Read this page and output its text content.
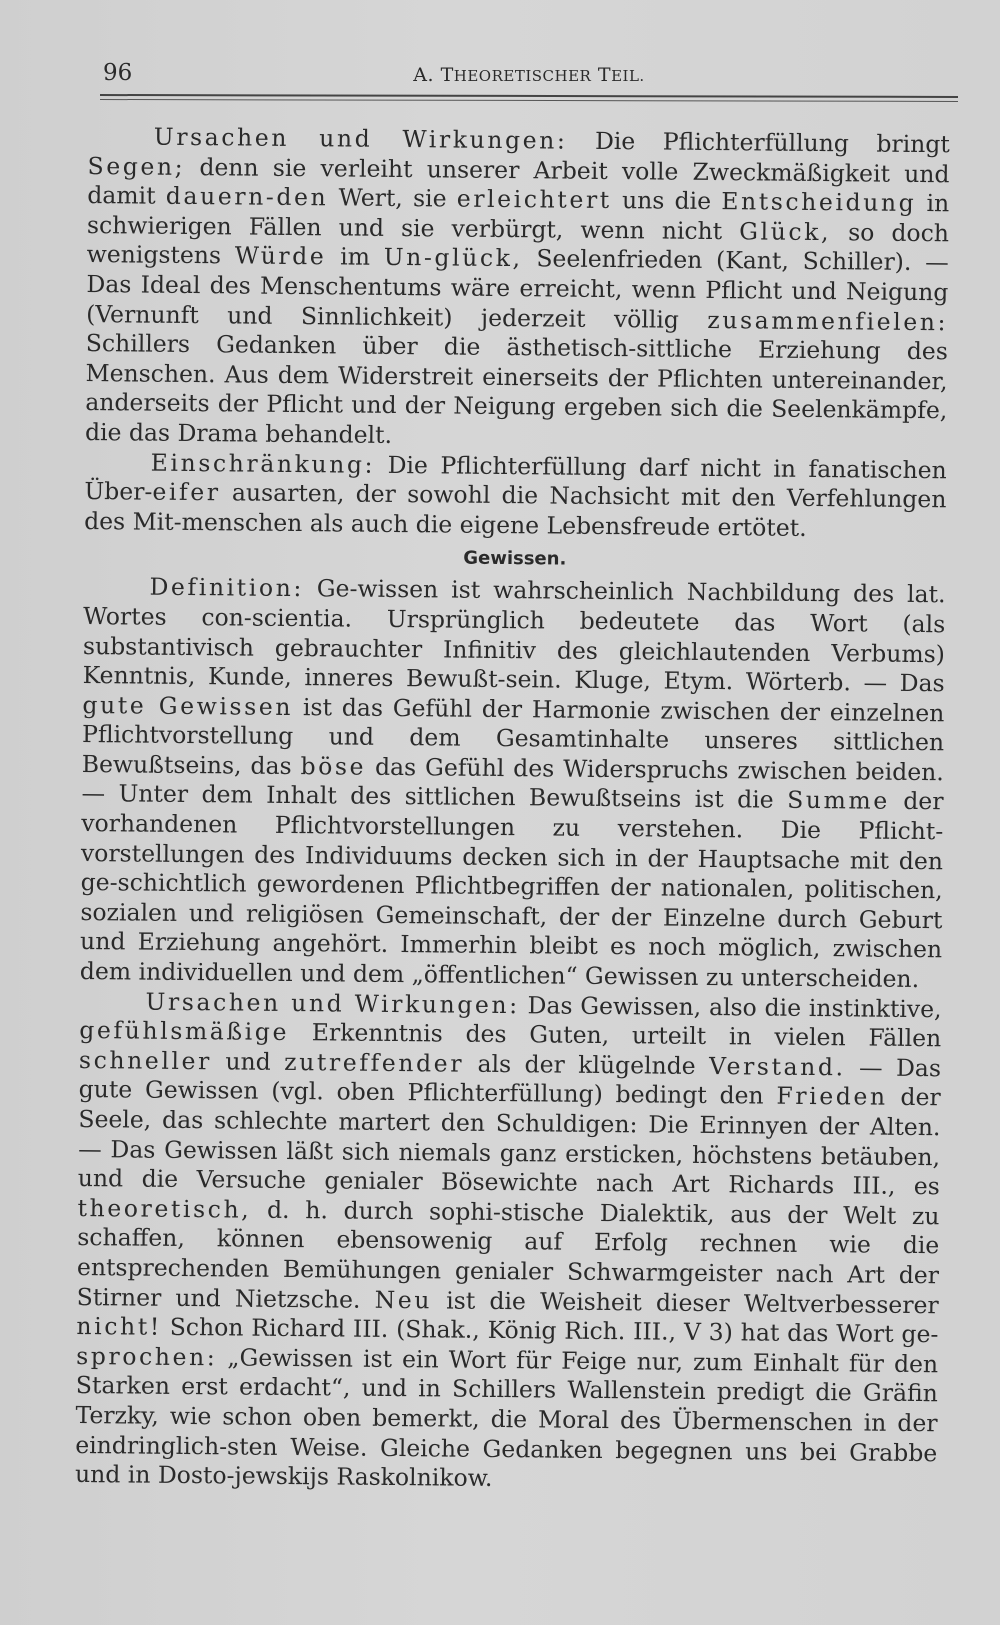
96	A. THEORETISCHER TEIL.

Ursachen und Wirkungen: Die Pflichterfüllung bringt Segen; denn sie verleiht unserer Arbeit volle Zweckmäßigkeit und damit dauern-den Wert, sie erleichtert uns die Entscheidung in schwierigen Fällen und sie verbürgt, wenn nicht Glück, so doch wenigstens Würde im Un-glück, Seelenfrieden (Kant, Schiller). — Das Ideal des Menschentums wäre erreicht, wenn Pflicht und Neigung (Vernunft und Sinnlichkeit) jederzeit völlig zusammenfielen: Schillers Gedanken über die ästhetisch-sittliche Erziehung des Menschen. Aus dem Widerstreit einerseits der Pflichten untereinander, anderseits der Pflicht und der Neigung ergeben sich die Seelenkämpfe, die das Drama behandelt.

Einschränkung: Die Pflichterfüllung darf nicht in fanatischen Über-eifer ausarten, der sowohl die Nachsicht mit den Verfehlungen des Mit-menschen als auch die eigene Lebensfreude ertötet.

Gewissen.

Definition: Ge-wissen ist wahrscheinlich Nachbildung des lat. Wortes con-scientia. Ursprünglich bedeutete das Wort (als substantivisch gebrauchter Infinitiv des gleichlautenden Verbums) Kenntnis, Kunde, inneres Bewußt-sein. Kluge, Etym. Wörterb. — Das gute Gewissen ist das Gefühl der Harmonie zwischen der einzelnen Pflichtvorstellung und dem Gesamtinhalte unseres sittlichen Bewußtseins, das böse das Gefühl des Widerspruchs zwischen beiden. — Unter dem Inhalt des sittlichen Bewußtseins ist die Summe der vorhandenen Pflichtvorstellungen zu verstehen. Die Pflicht-vorstellungen des Individuums decken sich in der Hauptsache mit den ge-schichtlich gewordenen Pflichtbegriffen der nationalen, politischen, sozialen und religiösen Gemeinschaft, der der Einzelne durch Geburt und Erziehung angehört. Immerhin bleibt es noch möglich, zwischen dem individuellen und dem „öffentlichen“ Gewissen zu unterscheiden.

Ursachen und Wirkungen: Das Gewissen, also die instinktive, gefühlsmäßige Erkenntnis des Guten, urteilt in vielen Fällen schneller und zutreffender als der klügelnde Verstand. — Das gute Gewissen (vgl. oben Pflichterfüllung) bedingt den Frieden der Seele, das schlechte martert den Schuldigen: Die Erinnyen der Alten. — Das Gewissen läßt sich niemals ganz ersticken, höchstens betäuben, und die Versuche genialer Bösewichte nach Art Richards III., es theoretisch, d. h. durch sophi-stische Dialektik, aus der Welt zu schaffen, können ebensowenig auf Erfolg rechnen wie die entsprechenden Bemühungen genialer Schwarmgeister nach Art der Stirner und Nietzsche. Neu ist die Weisheit dieser Weltverbesserer nicht! Schon Richard III. (Shak., König Rich. III., V 3) hat das Wort ge-sprochen: „Gewissen ist ein Wort für Feige nur, zum Einhalt für den Starken erst erdacht“, und in Schillers Wallenstein predigt die Gräfin Terzky, wie schon oben bemerkt, die Moral des Übermenschen in der eindringlich-sten Weise. Gleiche Gedanken begegnen uns bei Grabbe und in Dosto-jewskijs Raskolnikow.
